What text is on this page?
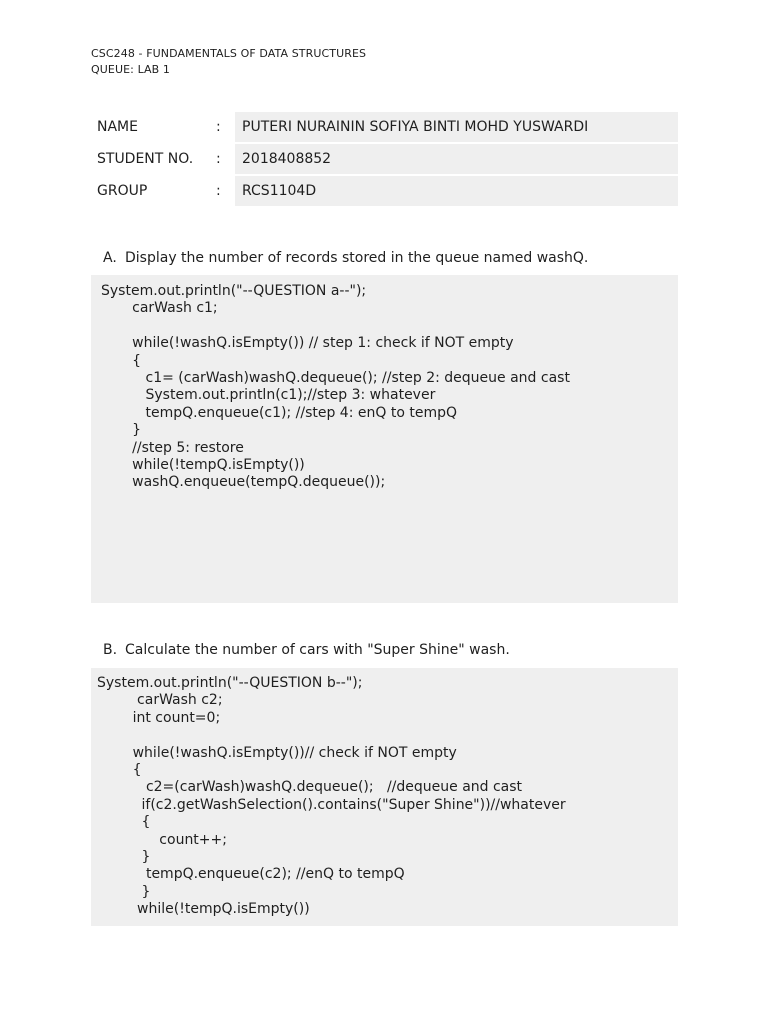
CSC248 - FUNDAMENTALS OF DATA STRUCTURES
QUEUE: LAB 1
NAME	:	PUTERI NURAININ SOFIYA BINTI MOHD YUSWARDI
STUDENT NO. :	2018408852
GROUP	:	RCS1104D
A. Display the number of records stored in the queue named washQ.
System.out.println("--QUESTION a--");
carWash c1;
while(!washQ.isEmpty()) // step 1: check if NOT empty
{
c1= (carWash)washQ.dequeue(); //step 2: dequeue and cast
System.out.println(c1);//step 3: whatever
tempQ.enqueue(c1); //step 4: enQ to tempQ
}
//step 5: restore
while(!tempQ.isEmpty())
washQ.enqueue(tempQ.dequeue());
B. Calculate the number of cars with "Super Shine" wash.
System.out.println("--QUESTION b--");
carWash c2;
int count=0;
while(!washQ.isEmpty())// check if NOT empty
{
c2=(carWash)washQ.dequeue();   //dequeue and cast
if(c2.getWashSelection().contains("Super Shine"))//whatever
{
count++;
}
tempQ.enqueue(c2); //enQ to tempQ
}
while(!tempQ.isEmpty())
